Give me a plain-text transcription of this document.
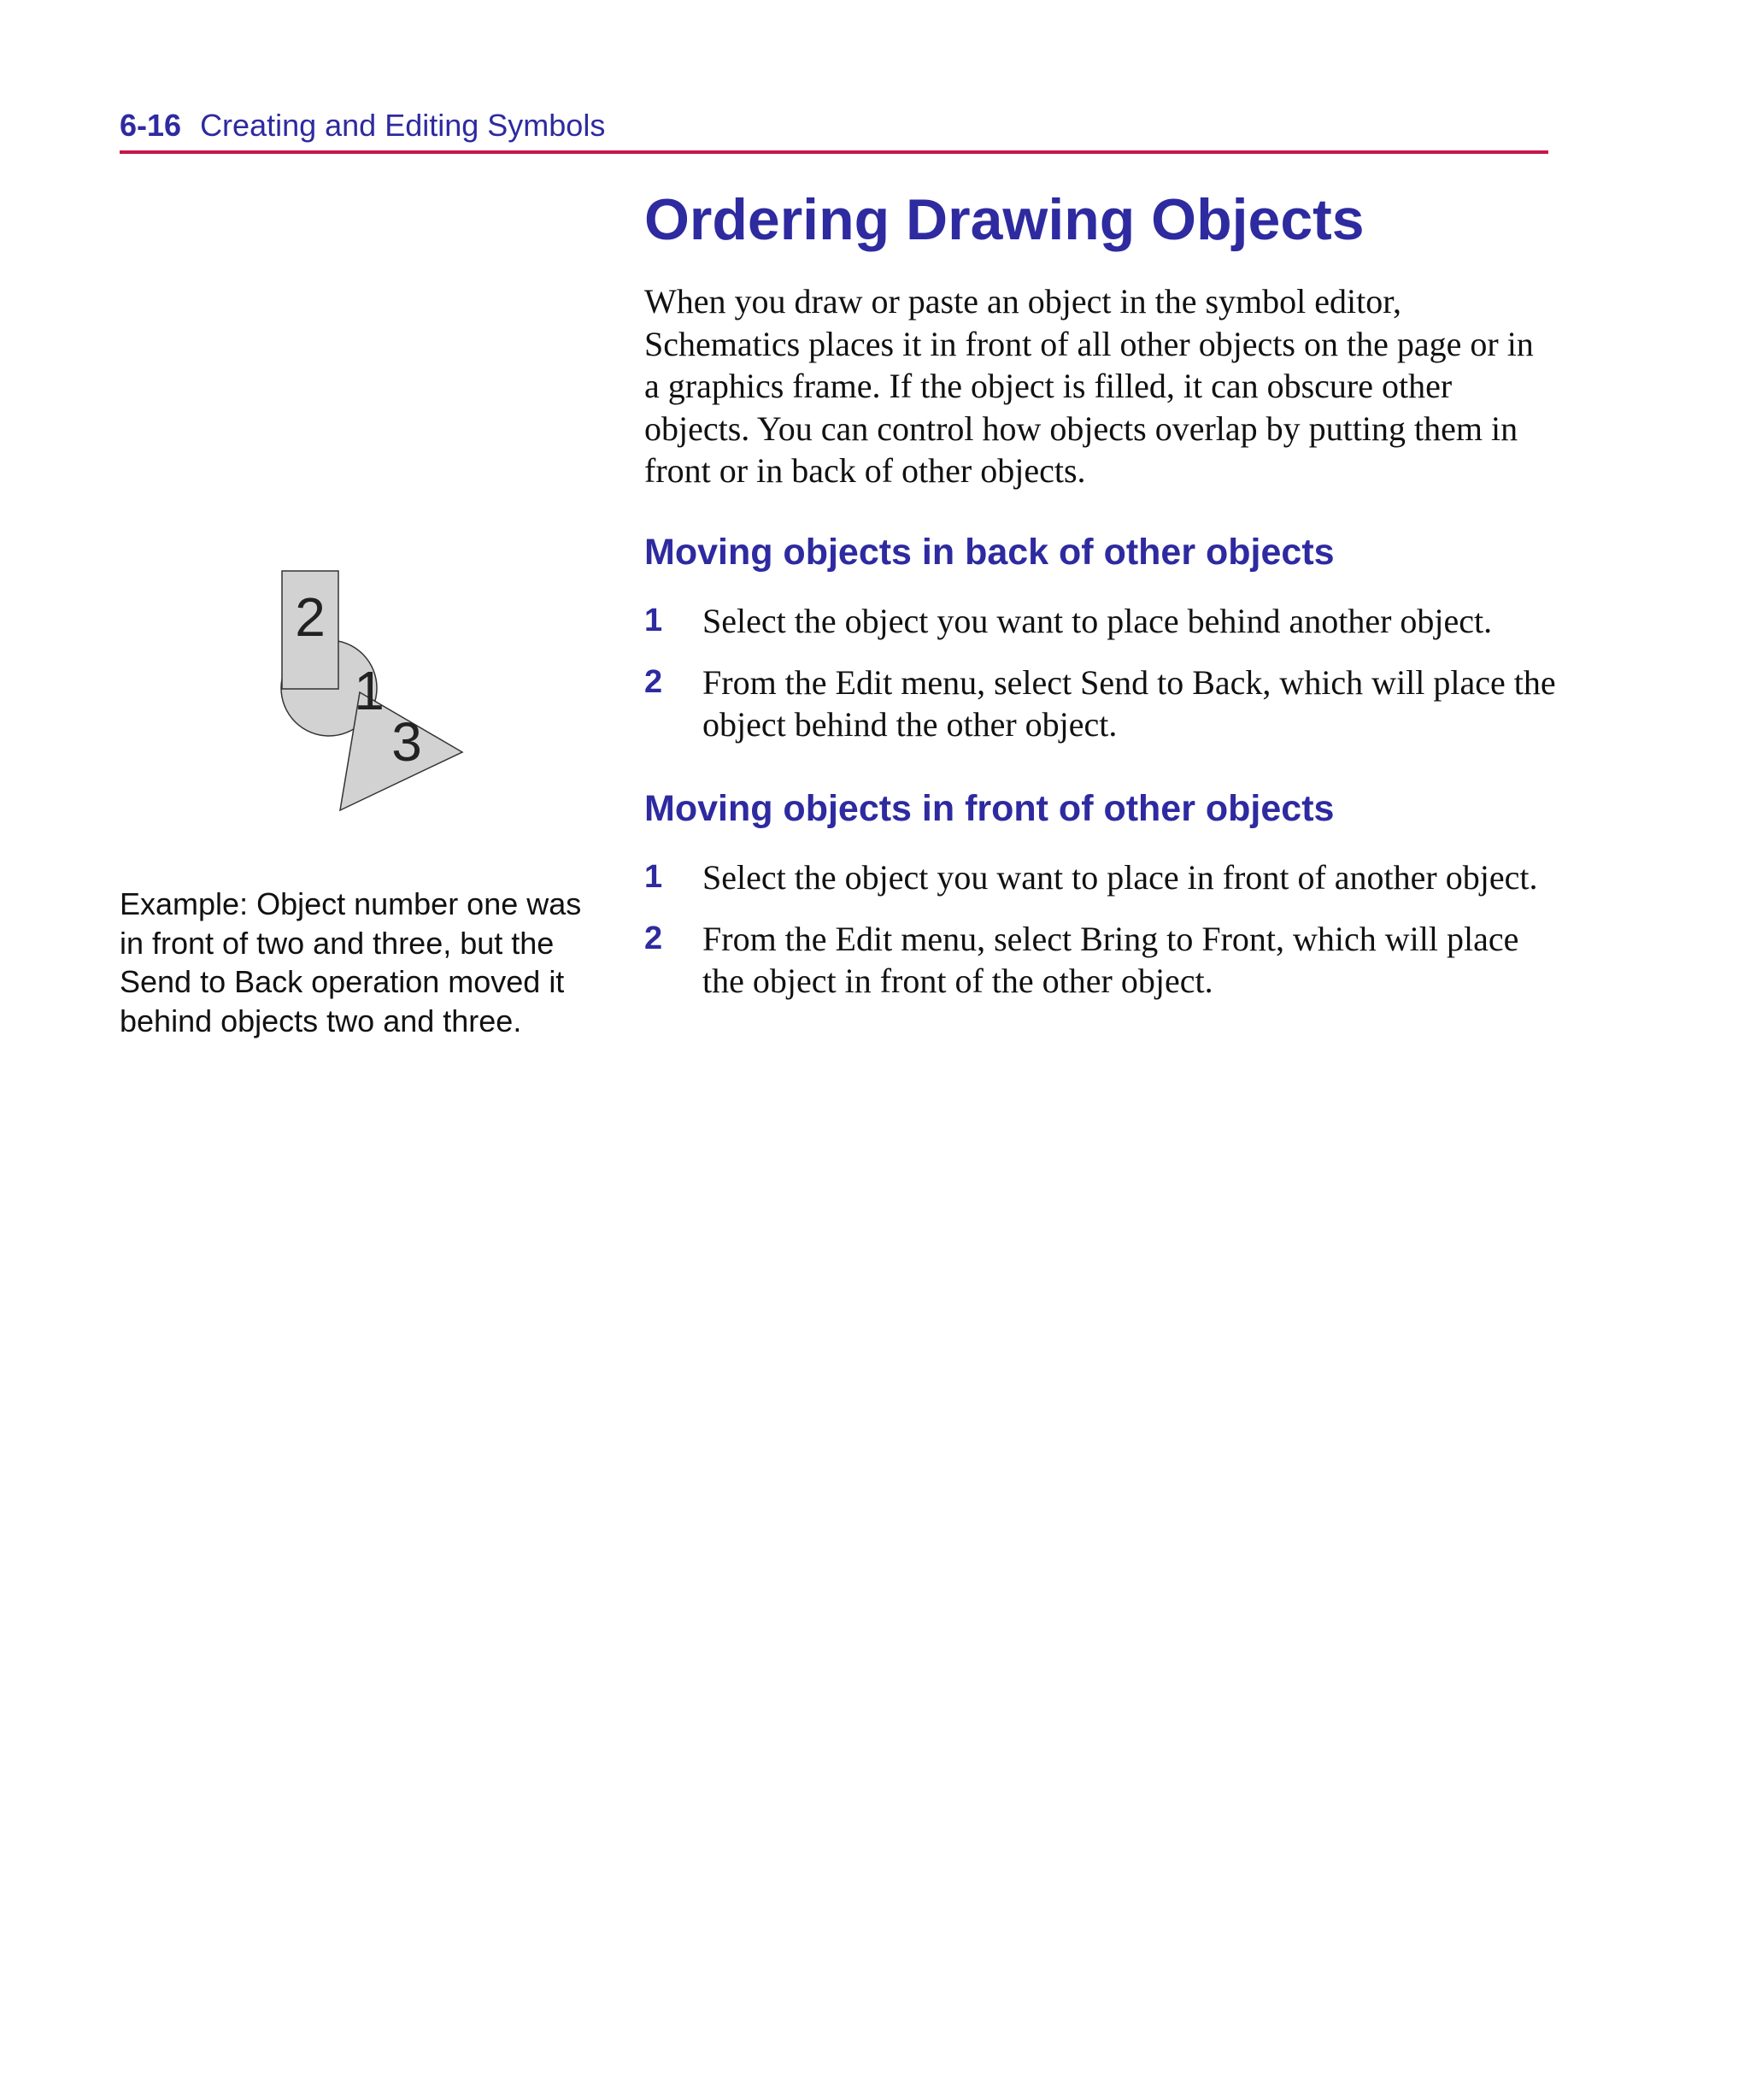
6-16 Creating and Editing Symbols
Ordering Drawing Objects

When you draw or paste an object in the symbol editor, Schematics places it in front of all other objects on the page or in a graphics frame. If the object is filled, it can obscure other objects. You can control how objects overlap by putting them in front or in back of other objects.

Moving objects in back of other objects
1	Select the object you want to place behind another object.
2	From the Edit menu, select Send to Back, which will place the object behind the other object.
Moving objects in front of other objects
1	Select the object you want to place in front of another object.
2	From the Edit menu, select Bring to Front, which will place the object in front of the other object.
2
1
3

Example: Object number one was in front of two and three, but the Send to Back operation moved it behind objects two and three.
